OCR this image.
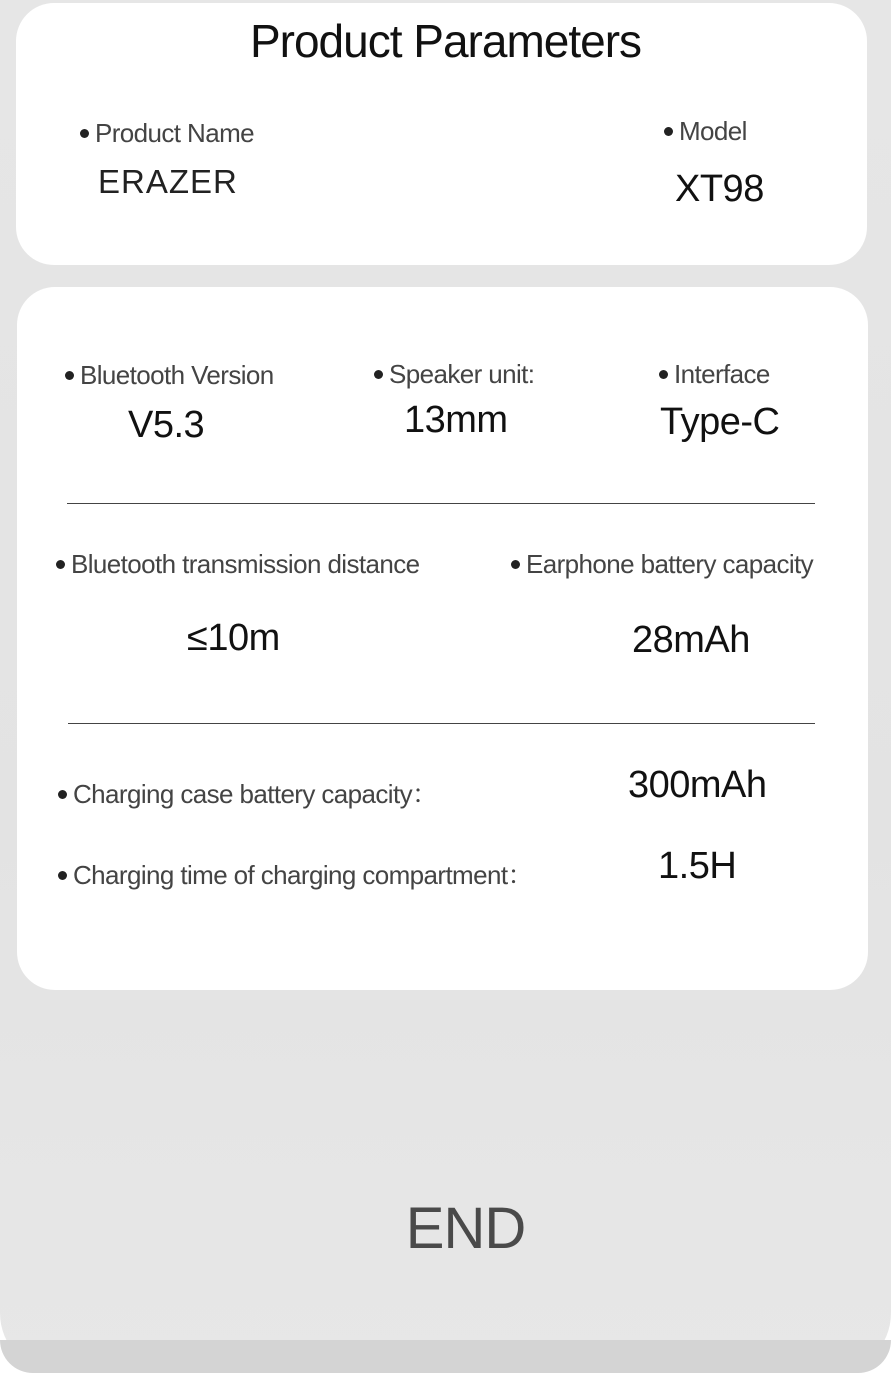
Product Parameters
Product Name
ERAZER
Model
XT98
Bluetooth Version
V5.3
Speaker unit:
13mm
Interface
Type-C
Bluetooth transmission distance
≤10m
Earphone battery capacity
28mAh
Charging case battery capacity：	300mAh
Charging time of charging compartment：	1.5H
END
